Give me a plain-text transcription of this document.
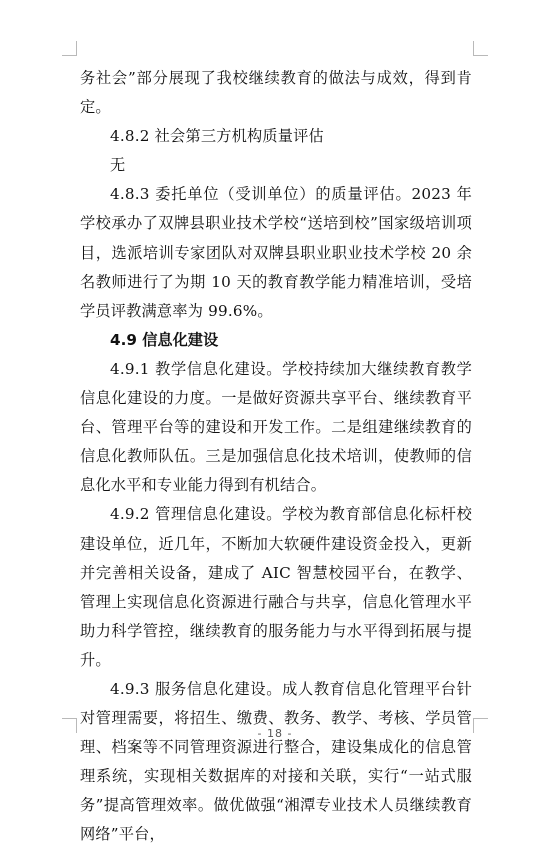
务社会”部分展现了我校继续教育的做法与成效，得到肯定。

4.8.2 社会第三方机构质量评估

无

4.8.3 委托单位（受训单位）的质量评估。2023 年学校承办了双牌县职业技术学校“送培到校”国家级培训项目，选派培训专家团队对双牌县职业职业技术学校 20 余名教师进行了为期 10 天的教育教学能力精准培训，受培学员评教满意率为 99.6%。

4.9 信息化建设

4.9.1 教学信息化建设。学校持续加大继续教育教学信息化建设的力度。一是做好资源共享平台、继续教育平台、管理平台等的建设和开发工作。二是组建继续教育的信息化教师队伍。三是加强信息化技术培训，使教师的信息化水平和专业能力得到有机结合。

4.9.2 管理信息化建设。学校为教育部信息化标杆校建设单位，近几年，不断加大软硬件建设资金投入，更新并完善相关设备，建成了 AIC 智慧校园平台，在教学、管理上实现信息化资源进行融合与共享，信息化管理水平助力科学管控，继续教育的服务能力与水平得到拓展与提升。

4.9.3 服务信息化建设。成人教育信息化管理平台针对管理需要，将招生、缴费、教务、教学、考核、学员管理、档案等不同管理资源进行整合，建设集成化的信息管理系统，实现相关数据库的对接和关联，实行“一站式服务”提高管理效率。做优做强“湘潭专业技术人员继续教育网络”平台，

- 18 -
